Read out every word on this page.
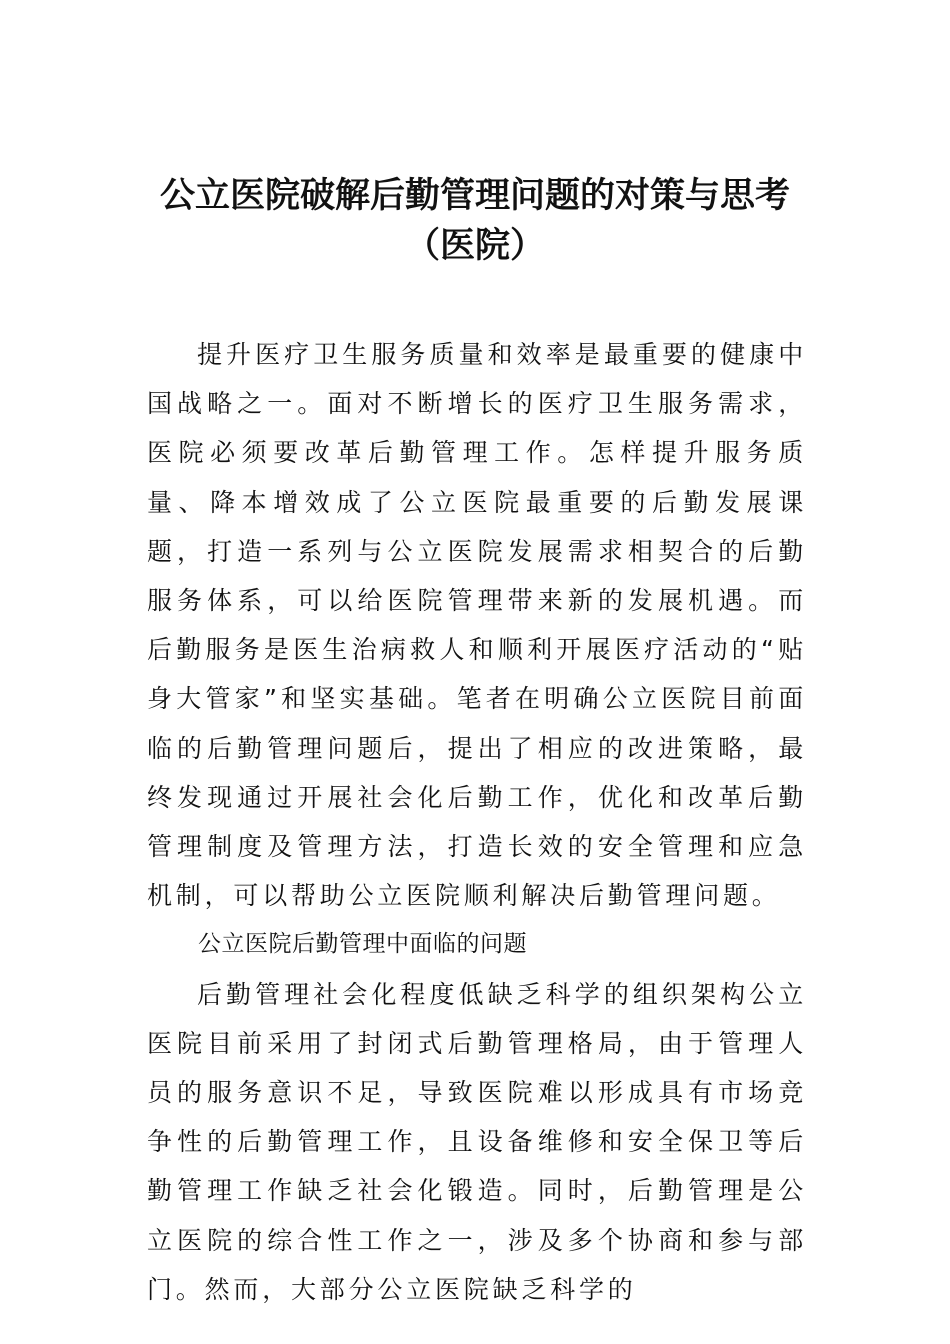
公立医院破解后勤管理问题的对策与思考
（医院）

提升医疗卫生服务质量和效率是最重要的健康中国战略之一。面对不断增长的医疗卫生服务需求，医院必须要改革后勤管理工作。怎样提升服务质量、降本增效成了公立医院最重要的后勤发展课题，打造一系列与公立医院发展需求相契合的后勤服务体系，可以给医院管理带来新的发展机遇。而后勤服务是医生治病救人和顺利开展医疗活动的“贴身大管家”和坚实基础。笔者在明确公立医院目前面临的后勤管理问题后，提出了相应的改进策略，最终发现通过开展社会化后勤工作，优化和改革后勤管理制度及管理方法，打造长效的安全管理和应急机制，可以帮助公立医院顺利解决后勤管理问题。

公立医院后勤管理中面临的问题

后勤管理社会化程度低缺乏科学的组织架构公立医院目前采用了封闭式后勤管理格局，由于管理人员的服务意识不足，导致医院难以形成具有市场竞争性的后勤管理工作，且设备维修和安全保卫等后勤管理工作缺乏社会化锻造。同时，后勤管理是公立医院的综合性工作之一，涉及多个协商和参与部门。然而，大部分公立医院缺乏科学的
